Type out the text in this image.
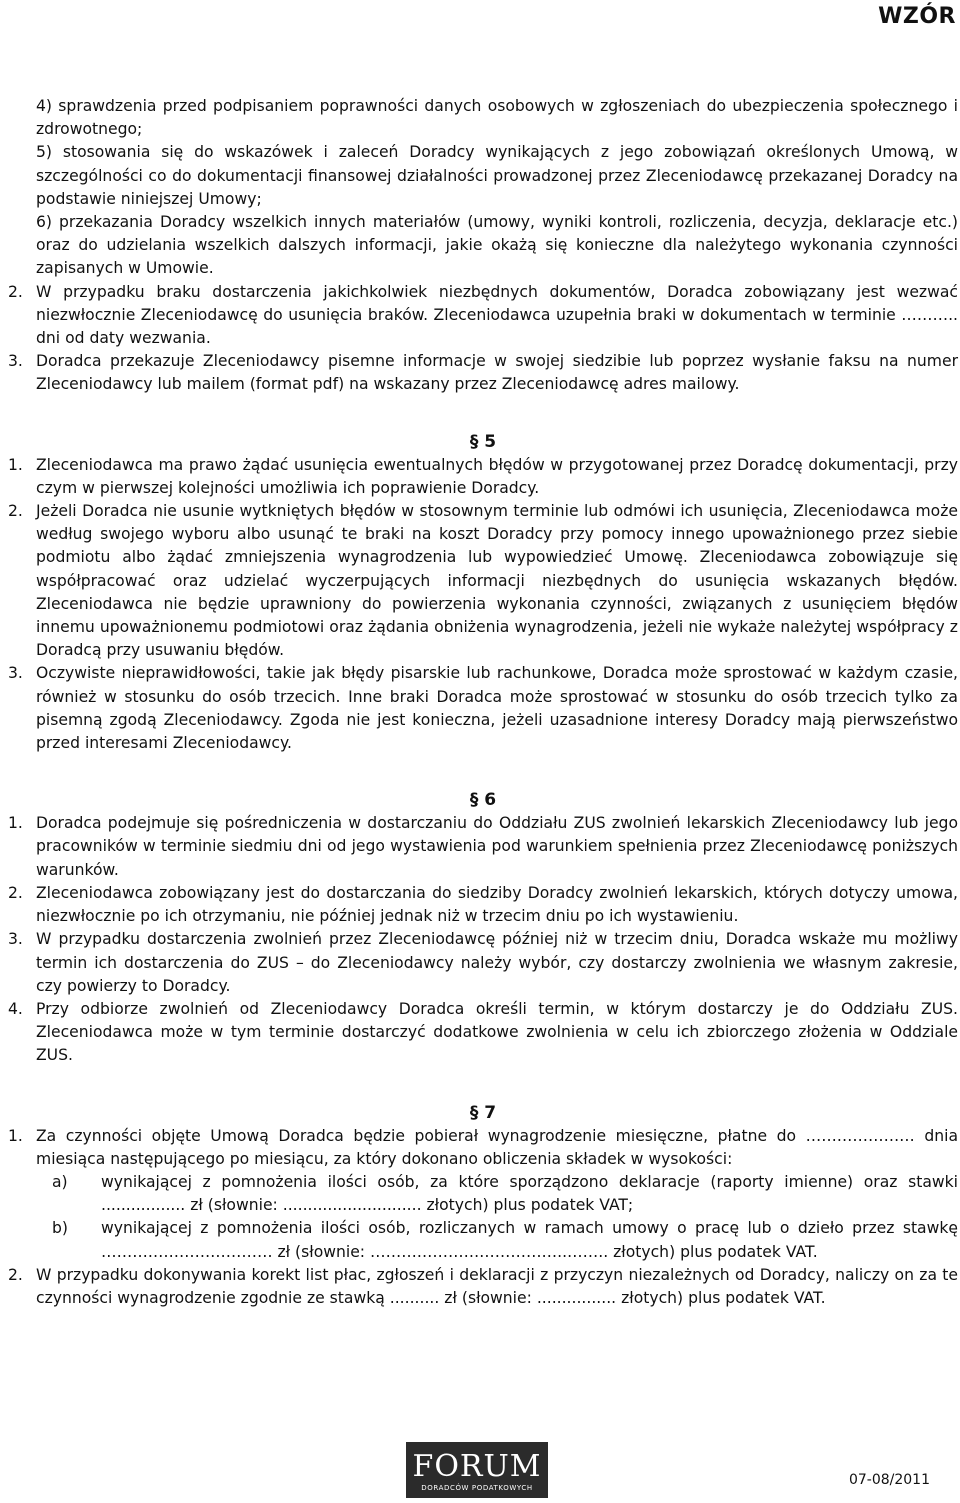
WZÓR

4) sprawdzenia przed podpisaniem poprawności danych osobowych w zgłoszeniach do ubezpieczenia społecznego i zdrowotnego;

5) stosowania się do wskazówek i zaleceń Doradcy wynikających z jego zobowiązań określonych Umową, w szczególności co do dokumentacji finansowej działalności prowadzonej przez Zleceniodawcę przekazanej Doradcy na podstawie niniejszej Umowy;

6) przekazania Doradcy wszelkich innych materiałów (umowy, wyniki kontroli, rozliczenia, decyzja, deklaracje etc.) oraz do udzielania wszelkich dalszych informacji, jakie okażą się konieczne dla należytego wykonania czynności zapisanych w Umowie.

2. W przypadku braku dostarczenia jakichkolwiek niezbędnych dokumentów, Doradca zobowiązany jest wezwać niezwłocznie Zleceniodawcę do usunięcia braków. Zleceniodawca uzupełnia braki w dokumentach w terminie ……….. dni od daty wezwania.
3. Doradca przekazuje Zleceniodawcy pisemne informacje w swojej siedzibie lub poprzez wysłanie faksu na numer Zleceniodawcy lub mailem (format pdf) na wskazany przez Zleceniodawcę adres mailowy.
§ 5
1. Zleceniodawca ma prawo żądać usunięcia ewentualnych błędów w przygotowanej przez Doradcę dokumentacji, przy czym w pierwszej kolejności umożliwia ich poprawienie Doradcy.
2. Jeżeli Doradca nie usunie wytkniętych błędów w stosownym terminie lub odmówi ich usunięcia, Zleceniodawca może według swojego wyboru albo usunąć te braki na koszt Doradcy przy pomocy innego upoważnionego przez siebie podmiotu albo żądać zmniejszenia wynagrodzenia lub wypowiedzieć Umowę. Zleceniodawca zobowiązuje się współpracować oraz udzielać wyczerpujących informacji niezbędnych do usunięcia wskazanych błędów. Zleceniodawca nie będzie uprawniony do powierzenia wykonania czynności, związanych z usunięciem błędów innemu upoważnionemu podmiotowi oraz żądania obniżenia wynagrodzenia, jeżeli nie wykaże należytej współpracy z Doradcą przy usuwaniu błędów.
3. Oczywiste nieprawidłowości, takie jak błędy pisarskie lub rachunkowe, Doradca może sprostować w każdym czasie, również w stosunku do osób trzecich. Inne braki Doradca może sprostować w stosunku do osób trzecich tylko za pisemną zgodą Zleceniodawcy. Zgoda nie jest konieczna, jeżeli uzasadnione interesy Doradcy mają pierwszeństwo przed interesami Zleceniodawcy.
§ 6
1. Doradca podejmuje się pośredniczenia w dostarczaniu do Oddziału ZUS zwolnień lekarskich Zleceniodawcy lub jego pracowników w terminie siedmiu dni od jego wystawienia pod warunkiem spełnienia przez Zleceniodawcę poniższych warunków.
2. Zleceniodawca zobowiązany jest do dostarczania do siedziby Doradcy zwolnień lekarskich, których dotyczy umowa, niezwłocznie po ich otrzymaniu, nie później jednak niż w trzecim dniu po ich wystawieniu.
3. W przypadku dostarczenia zwolnień przez Zleceniodawcę później niż w trzecim dniu, Doradca wskaże mu możliwy termin ich dostarczenia do ZUS – do Zleceniodawcy należy wybór, czy dostarczy zwolnienia we własnym zakresie, czy powierzy to Doradcy.
4. Przy odbiorze zwolnień od Zleceniodawcy Doradca określi termin, w którym dostarczy je do Oddziału ZUS. Zleceniodawca może w tym terminie dostarczyć dodatkowe zwolnienia w celu ich zbiorczego złożenia w Oddziale ZUS.
§ 7
1. Za czynności objęte Umową Doradca będzie pobierał wynagrodzenie miesięczne, płatne do ………………… dnia miesiąca następującego po miesiącu, za który dokonano obliczenia składek w wysokości:
a)	wynikającej z pomnożenia ilości osób, za które sporządzono deklaracje (raporty imienne) oraz stawki ................. zł (słownie: ............................ złotych) plus podatek VAT;
b)	wynikającej z pomnożenia ilości osób, rozliczanych w ramach umowy o pracę lub o dzieło przez stawkę …………………………… zł (słownie: ………………………………..…….. złotych) plus podatek VAT.
2. W przypadku dokonywania korekt list płac, zgłoszeń i deklaracji z przyczyn niezależnych od Doradcy, naliczy on za te czynności wynagrodzenie zgodnie ze stawką .......... zł (słownie: ................ złotych) plus podatek VAT.
FORUM
DORADCÓW PODATKOWYCH	07-08/2011
